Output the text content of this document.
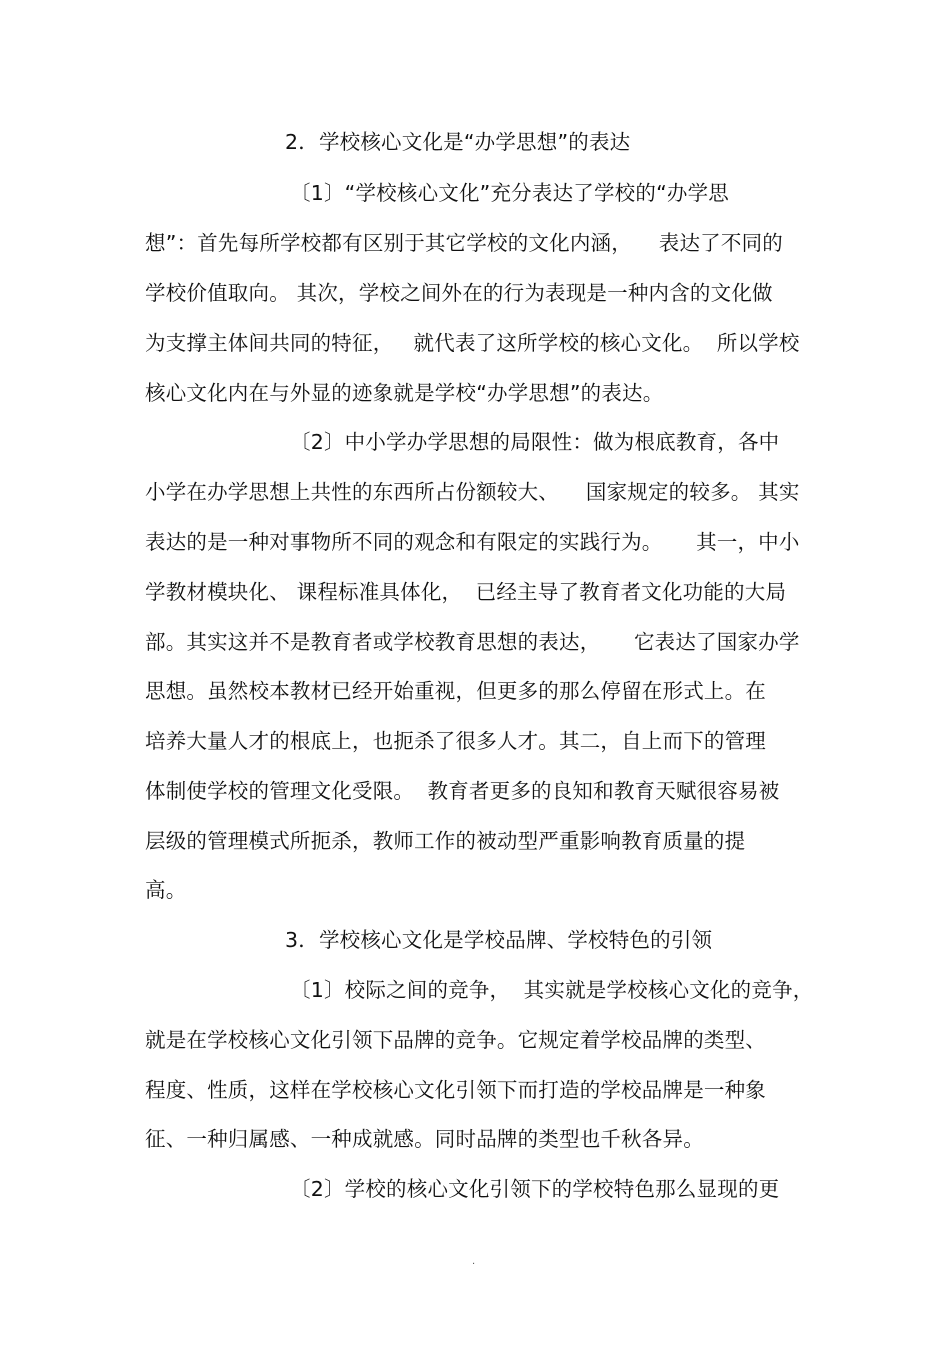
2．学校核心文化是“办学思想”的表达
〔1〕“学校核心文化”充分表达了学校的“办学思
想”：首先每所学校都有区别于其它学校的文化内涵，    表达了不同的
学校价值取向。 其次，学校之间外在的行为表现是一种内含的文化做
为支撑主体间共同的特征，   就代表了这所学校的核心文化。  所以学校
核心文化内在与外显的迹象就是学校“办学思想”的表达。
〔2〕中小学办学思想的局限性：做为根底教育，各中
小学在办学思想上共性的东西所占份额较大、    国家规定的较多。 其实
表达的是一种对事物所不同的观念和有限定的实践行为。     其一，中小
学教材模块化、 课程标准具体化，  已经主导了教育者文化功能的大局
部。其实这并不是教育者或学校教育思想的表达，     它表达了国家办学
思想。虽然校本教材已经开始重视，但更多的那么停留在形式上。在
培养大量人才的根底上，也扼杀了很多人才。其二，自上而下的管理
体制使学校的管理文化受限。  教育者更多的良知和教育天赋很容易被
层级的管理模式所扼杀，教师工作的被动型严重影响教育质量的提
高。
3．学校核心文化是学校品牌、学校特色的引领
〔1〕校际之间的竞争，  其实就是学校核心文化的竞争，
就是在学校核心文化引领下品牌的竞争。它规定着学校品牌的类型、
程度、性质，这样在学校核心文化引领下而打造的学校品牌是一种象
征、一种归属感、一种成就感。同时品牌的类型也千秋各异。
〔2〕学校的核心文化引领下的学校特色那么显现的更
.
